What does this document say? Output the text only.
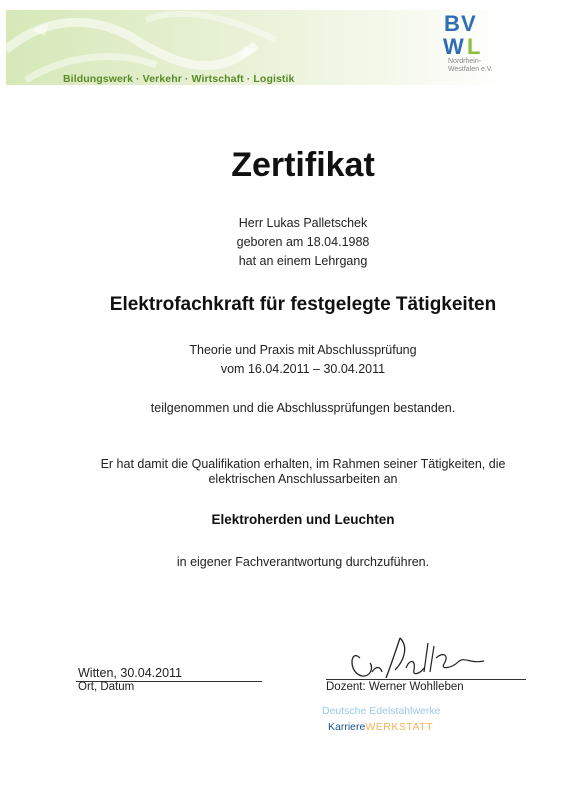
Bildungswerk · Verkehr · Wirtschaft · Logistik
B V
W L
Nordrhein-
Westfalen e.V.
Zertifikat
Herr Lukas Palletschek
geboren am 18.04.1988
hat an einem Lehrgang
Elektrofachkraft für festgelegte Tätigkeiten
Theorie und Praxis mit Abschlussprüfung
vom 16.04.2011 – 30.04.2011
teilgenommen und die Abschlussprüfungen bestanden.
Er hat damit die Qualifikation erhalten, im Rahmen seiner Tätigkeiten, die
elektrischen Anschlussarbeiten an
Elektroherden und Leuchten
in eigener Fachverantwortung durchzuführen.
Witten, 30.04.2011
Ort, Datum	Dozent: Werner Wohlleben
Deutsche Edelstahlwerke
KarriereWERKSTATT
